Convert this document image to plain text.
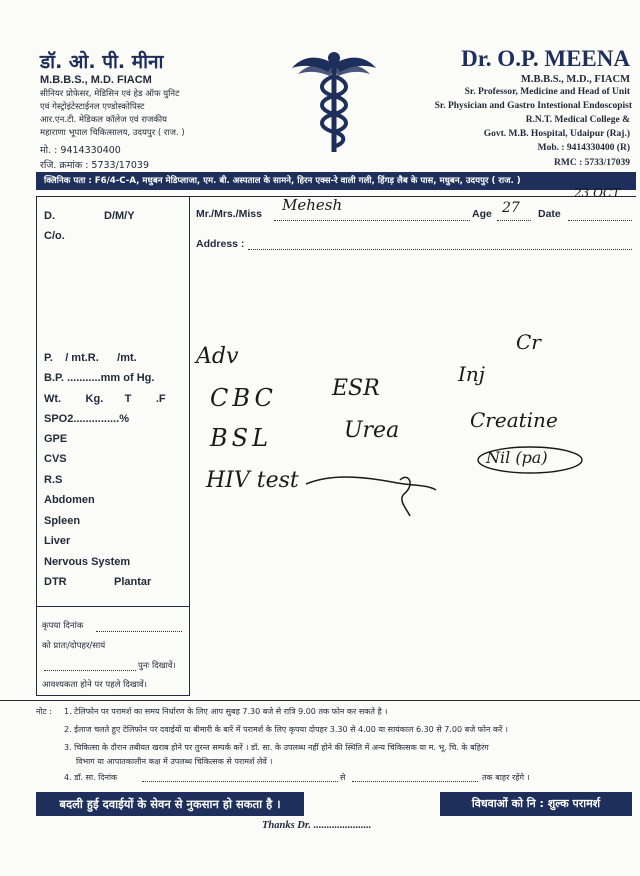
डॉ. ओ. पी. मीना
M.B.B.S., M.D. FIACM
सीनियर प्रोफेसर, मेडिसिन एवं हेड ऑफ युनिट
एवं गेस्ट्रोइंटेस्टाईनल एण्डोस्कोपिस्ट
आर.एन.टी. मेडिकल कॉलेज एवं राजकीय
महाराणा भूपाल चिकित्सालय, उदयपुर ( राज. )
मो. : 9414330400
रजि. क्रमांक : 5733/17039
Dr. O.P. MEENA
M.B.B.S., M.D., FIACM
Sr. Professor, Medicine and Head of Unit
Sr. Physician and Gastro Intestional Endoscopist
R.N.T. Medical College &
Govt. M.B. Hospital, Udaipur (Raj.)
Mob. : 9414330400 (R)
RMC : 5733/17039
क्लिनिक पता : F6/4-C-A, मधुबन मेडिप्लाजा, एम. बी. अस्पताल के सामने, हिरन एक्स-रे वाली गली, हिंगड़ लैब के पास, मधुबन, उदयपुर ( राज. )
D.	D/M/Y
C/o.
P.    / mt.R.      /mt.
B.P. ...........mm of Hg.
Wt.        Kg.       T        .F
SPO2...............%
GPE
CVS
R.S
Abdomen
Spleen
Liver
Nervous System
DTR	Plantar
कृपया दिनांक
को प्रातः/दोपहर/सायं
पुनः दिखावें।
आवश्यकता होने पर पहले दिखावें।
Mr./Mrs./Miss Mehesh	Age 27 Date
23 OCT
Address :
Adv
CBC
BSL
HIV test
ESR
Urea
Inj
Cr
Creatine
Nil (pa)
नोट : 1. टेलिफोन पर परामर्श का समय निर्धारण के लिए आप सुबह 7.30 बजे से रात्रि 9.00 तक फोन कर सकते है ।
2. ईलाज चलते हुए टेलिफोन पर दवाईयों या बीमारी के बारें में परामर्श के लिए कृपया दोपहर 3.30 से 4.00 या सायंकाल 6.30 से 7.00 बजे फोन करें ।
3. चिकित्सा के दौरान तबीयत खराब होने पर तुरन्त सम्पर्क करें । डॉ. सा. के उपलब्ध नहीं होने की स्थिति में अन्य चिकित्सक या म. भू. चि. के बहिरंग
विभाग या आपातकालीन कक्ष में उपलब्ध चिकित्सक से परामर्श लेवें ।
4. डॉ. सा. दिनांक	से	तक बाहर रहेंगे ।
बदली हुई दवाईयों के सेवन से नुकसान हो सकता है ।	विधवाओं को नि : शुल्क परामर्श
Thanks Dr. ......................
